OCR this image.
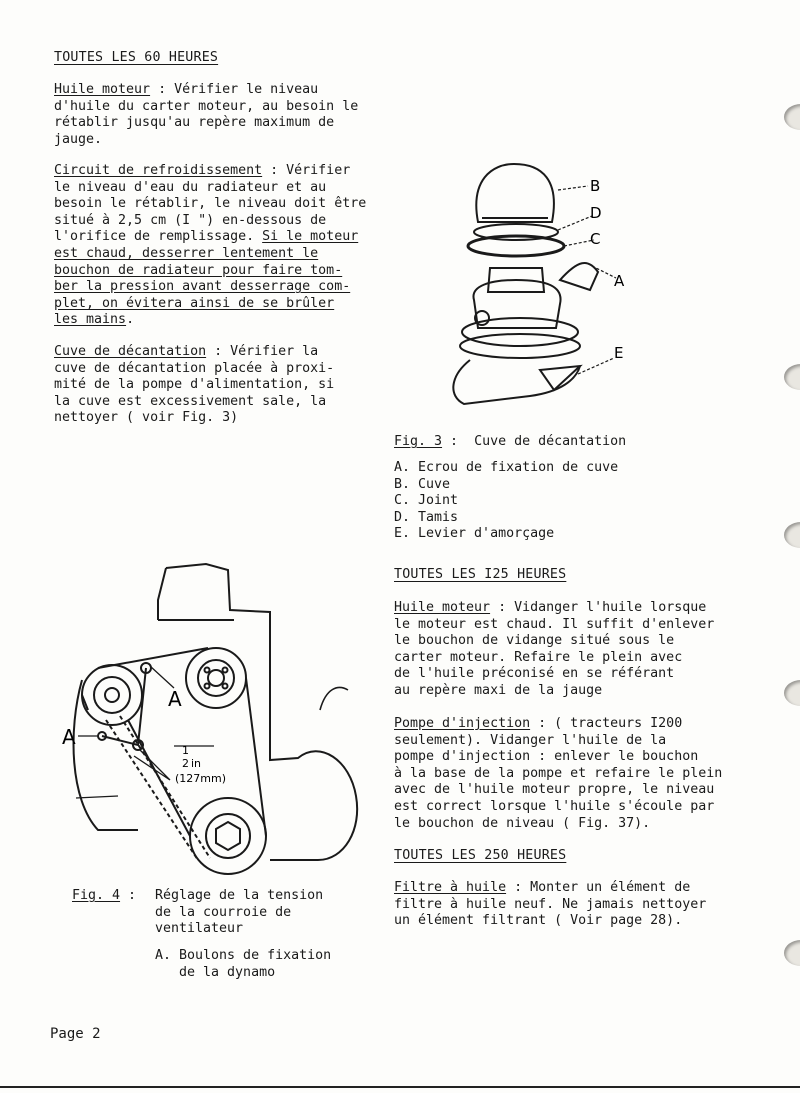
TOUTES LES 60 HEURES
Huile moteur : Vérifier le niveau
d'huile du carter moteur, au besoin le
rétablir jusqu'au repère maximum de
jauge.
Circuit de refroidissement : Vérifier
le niveau d'eau du radiateur et au
besoin le rétablir, le niveau doit être
situé à 2,5 cm (I ") en-dessous de
l'orifice de remplissage. Si le moteur
est chaud, desserrer lentement le
bouchon de radiateur pour faire tom-
ber la pression avant desserrage com-
plet, on évitera ainsi de se brûler
les mains.
Cuve de décantation : Vérifier la
cuve de décantation placée à proxi-
mité de la pompe d'alimentation, si
la cuve est excessivement sale, la
nettoyer ( voir Fig. 3)
A
A
1
2 in
(127mm)
Fig. 4 : Réglage de la tension
de la courroie de
ventilateur
A. Boulons de fixation
de la dynamo
Page 2
B
D
C
A
E
Fig. 3 :  Cuve de décantation
A. Ecrou de fixation de cuve
B. Cuve
C. Joint
D. Tamis
E. Levier d'amorçage
TOUTES LES I25 HEURES
Huile moteur : Vidanger l'huile lorsque
le moteur est chaud. Il suffit d'enlever
le bouchon de vidange situé sous le
carter moteur. Refaire le plein avec
de l'huile préconisé en se référant
au repère maxi de la jauge
Pompe d'injection : ( tracteurs I200
seulement). Vidanger l'huile de la
pompe d'injection : enlever le bouchon
à la base de la pompe et refaire le plein
avec de l'huile moteur propre, le niveau
est correct lorsque l'huile s'écoule par
le bouchon de niveau ( Fig. 37).
TOUTES LES 250 HEURES
Filtre à huile : Monter un élément de
filtre à huile neuf. Ne jamais nettoyer
un élément filtrant ( Voir page 28).
